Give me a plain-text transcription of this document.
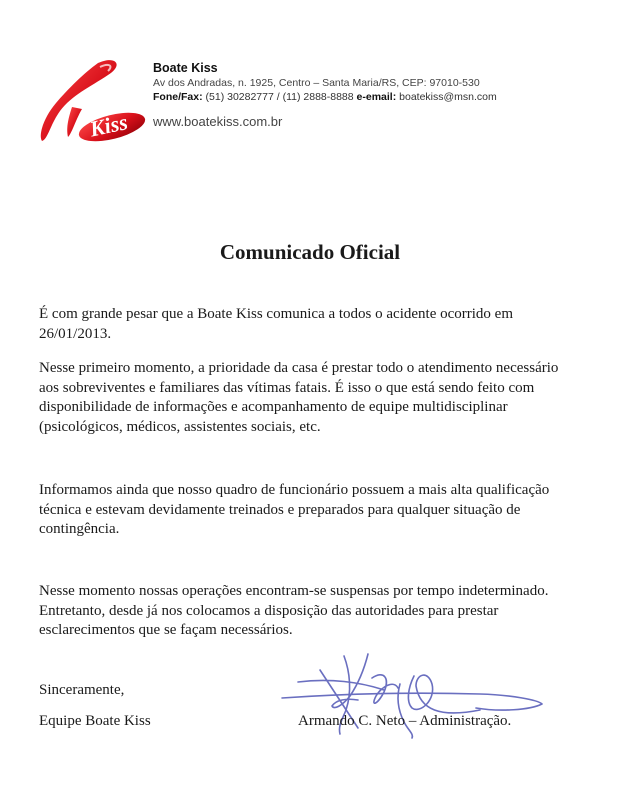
Kiss
Boate Kiss
Av dos Andradas, n. 1925, Centro – Santa Maria/RS, CEP: 97010-530
Fone/Fax: (51) 30282777 / (11) 2888-8888 e-email: boatekiss@msn.com
www.boatekiss.com.br
Comunicado Oficial

É com grande pesar que a Boate Kiss comunica a todos o acidente ocorrido em 26/01/2013.

Nesse primeiro momento, a prioridade da casa é prestar todo o atendimento necessário aos sobreviventes e familiares das vítimas fatais. É isso o que está sendo feito com disponibilidade de informações e acompanhamento de equipe multidisciplinar (psicológicos, médicos, assistentes sociais, etc.

Informamos ainda que nosso quadro de funcionário possuem a mais alta qualificação técnica e estevam devidamente treinados e preparados para qualquer situação de contingência.

Nesse momento nossas operações encontram-se suspensas por tempo indeterminado. Entretanto, desde já nos colocamos a disposição das autoridades para prestar esclarecimentos que se façam necessários.

Sinceramente,
Equipe Boate Kiss	Armando C. Neto – Administração.
